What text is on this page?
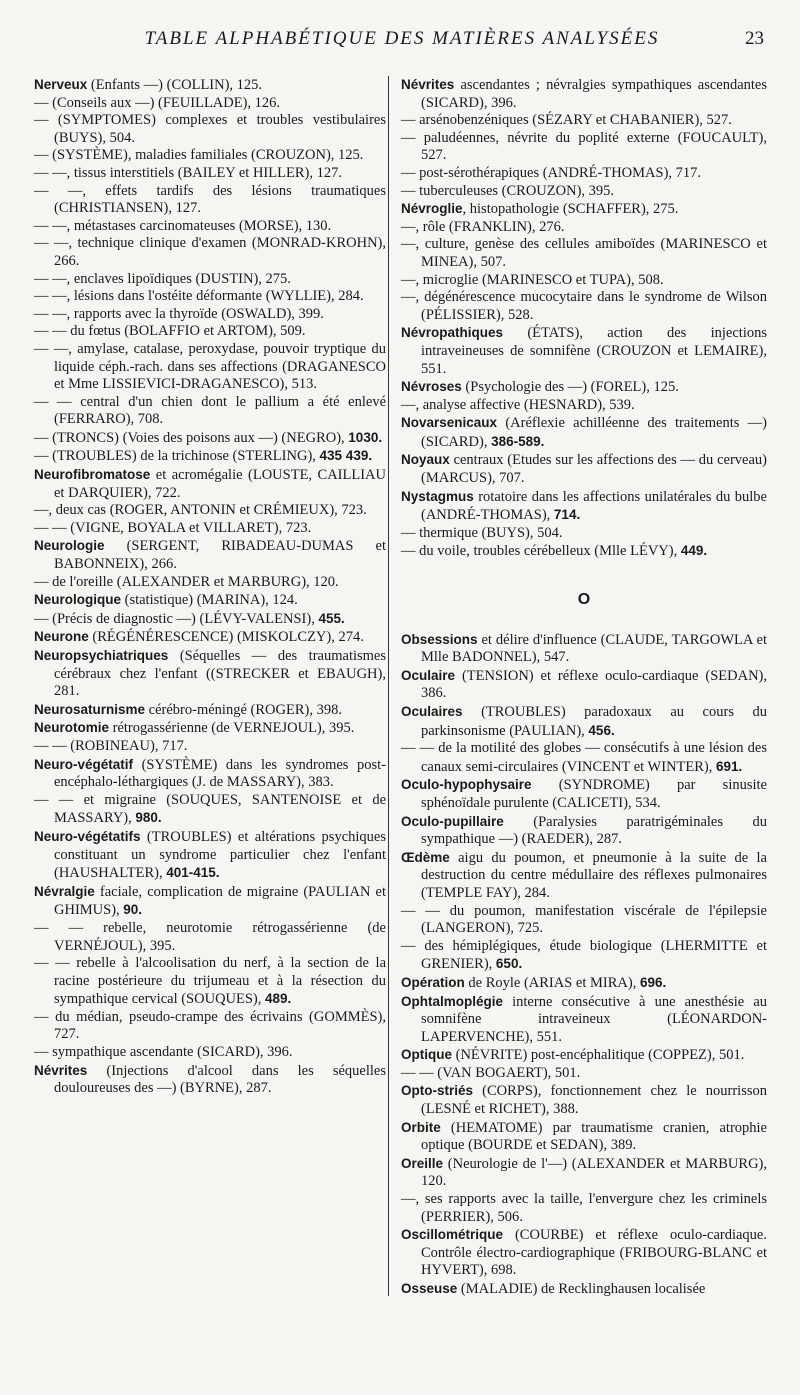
TABLE ALPHABÉTIQUE DES MATIÈRES ANALYSÉES	23

Nerveux (Enfants —) (COLLIN), 125.

— (Conseils aux —) (FEUILLADE), 126.

— (SYMPTOMES) complexes et troubles vestibulaires (BUYS), 504.

— (SYSTÈME), maladies familiales (CROUZON), 125.

— —, tissus interstitiels (BAILEY et HILLER), 127.

— —, effets tardifs des lésions traumatiques (CHRISTIANSEN), 127.

— —, métastases carcinomateuses (MORSE), 130.

— —, technique clinique d'examen (MONRAD-KROHN), 266.

— —, enclaves lipoïdiques (DUSTIN), 275.

— —, lésions dans l'ostéite déformante (WYLLIE), 284.

— —, rapports avec la thyroïde (OSWALD), 399.

— — du fœtus (BOLAFFIO et ARTOM), 509.

— —, amylase, catalase, peroxydase, pouvoir tryptique du liquide céph.-rach. dans ses affections (DRAGANESCO et Mme LISSIEVICI-DRAGANESCO), 513.

— — central d'un chien dont le pallium a été enlevé (FERRARO), 708.

— (TRONCS) (Voies des poisons aux —) (NEGRO), 1030.

— (TROUBLES) de la trichinose (STERLING), 435 439.

Neurofibromatose et acromégalie (LOUSTE, CAILLIAU et DARQUIER), 722.

—, deux cas (ROGER, ANTONIN et CRÉMIEUX), 723.

— — (VIGNE, BOYALA et VILLARET), 723.

Neurologie (SERGENT, RIBADEAU-DUMAS et BABONNEIX), 266.

— de l'oreille (ALEXANDER et MARBURG), 120.

Neurologique (statistique) (MARINA), 124.

— (Précis de diagnostic —) (LÉVY-VALENSI), 455.

Neurone (RÉGÉNÉRESCENCE) (MISKOLCZY), 274.

Neuropsychiatriques (Séquelles — des traumatismes cérébraux chez l'enfant ((STRECKER et EBAUGH), 281.

Neurosaturnisme cérébro-méningé (ROGER), 398.

Neurotomie rétrogassérienne (de VERNEJOUL), 395.

— — (ROBINEAU), 717.

Neuro-végétatif (SYSTÈME) dans les syndromes post-encéphalo-léthargiques (J. de MASSARY), 383.

— — et migraine (SOUQUES, SANTENOISE et de MASSARY), 980.

Neuro-végétatifs (TROUBLES) et altérations psychiques constituant un syndrome particulier chez l'enfant (HAUSHALTER), 401-415.

Névralgie faciale, complication de migraine (PAULIAN et GHIMUS), 90.

— — rebelle, neurotomie rétrogassérienne (de VERNÉJOUL), 395.

— — rebelle à l'alcoolisation du nerf, à la section de la racine postérieure du trijumeau et à la résection du sympathique cervical (SOUQUES), 489.

— du médian, pseudo-crampe des écrivains (GOMMÈS), 727.

— sympathique ascendante (SICARD), 396.

Névrites (Injections d'alcool dans les séquelles douloureuses des —) (BYRNE), 287.

Névrites ascendantes ; névralgies sympathiques ascendantes (SICARD), 396.

— arsénobenzéniques (SÉZARY et CHABANIER), 527.

— paludéennes, névrite du poplité externe (FOUCAULT), 527.

— post-sérothérapiques (ANDRÉ-THOMAS), 717.

— tuberculeuses (CROUZON), 395.

Névroglie, histopathologie (SCHAFFER), 275.

—, rôle (FRANKLIN), 276.

—, culture, genèse des cellules amiboïdes (MARINESCO et MINEA), 507.

—, microglie (MARINESCO et TUPA), 508.

—, dégénérescence mucocytaire dans le syndrome de Wilson (PÉLISSIER), 528.

Névropathiques (ÉTATS), action des injections intraveineuses de somnifène (CROUZON et LEMAIRE), 551.

Névroses (Psychologie des —) (FOREL), 125.

—, analyse affective (HESNARD), 539.

Novarsenicaux (Aréflexie achilléenne des traitements —) (SICARD), 386-589.

Noyaux centraux (Etudes sur les affections des — du cerveau) (MARCUS), 707.

Nystagmus rotatoire dans les affections unilatérales du bulbe (ANDRÉ-THOMAS), 714.

— thermique (BUYS), 504.

— du voile, troubles cérébelleux (Mlle LÉVY), 449.

O

Obsessions et délire d'influence (CLAUDE, TARGOWLA et Mlle BADONNEL), 547.

Oculaire (TENSION) et réflexe oculo-cardiaque (SEDAN), 386.

Oculaires (TROUBLES) paradoxaux au cours du parkinsonisme (PAULIAN), 456.

— — de la motilité des globes — consécutifs à une lésion des canaux semi-circulaires (VINCENT et WINTER), 691.

Oculo-hypophysaire (SYNDROME) par sinusite sphénoïdale purulente (CALICETI), 534.

Oculo-pupillaire (Paralysies paratrigéminales du sympathique —) (RAEDER), 287.

Œdème aigu du poumon, et pneumonie à la suite de la destruction du centre médullaire des réflexes pulmonaires (TEMPLE FAY), 284.

— — du poumon, manifestation viscérale de l'épilepsie (LANGERON), 725.

— des hémiplégiques, étude biologique (LHERMITTE et GRENIER), 650.

Opération de Royle (ARIAS et MIRA), 696.

Ophtalmoplégie interne consécutive à une anesthésie au somnifène intraveineux (LÉONARDON-LAPERVENCHE), 551.

Optique (NÉVRITE) post-encéphalitique (COPPEZ), 501.

— — (VAN BOGAERT), 501.

Opto-striés (CORPS), fonctionnement chez le nourrisson (LESNÉ et RICHET), 388.

Orbite (HEMATOME) par traumatisme cranien, atrophie optique (BOURDE et SEDAN), 389.

Oreille (Neurologie de l'—) (ALEXANDER et MARBURG), 120.

—, ses rapports avec la taille, l'envergure chez les criminels (PERRIER), 506.

Oscillométrique (COURBE) et réflexe oculo-cardiaque. Contrôle électro-cardiographique (FRIBOURG-BLANC et HYVERT), 698.

Osseuse (MALADIE) de Recklinghausen localisée
